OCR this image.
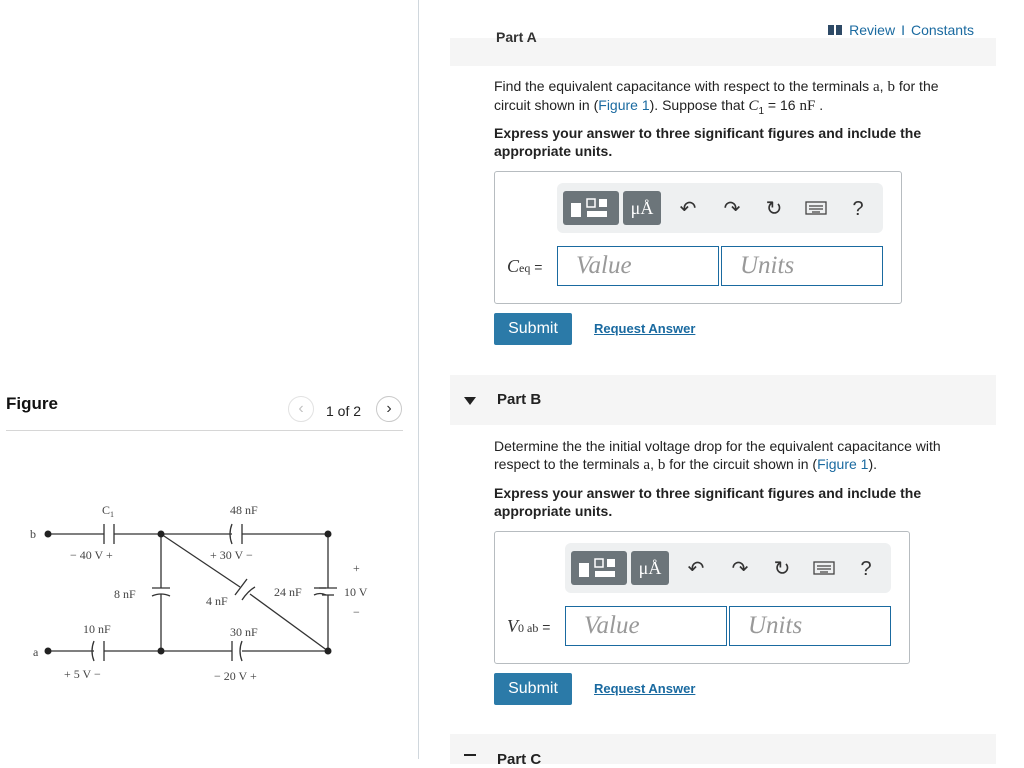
Figure	‹	1 of 2	›
b
a
$C_1$
− 40 V +
48 nF
+ 30 V −
8 nF	4 nF
24 nF
+
10 V
−
10 nF
+ 5 V −
30 nF
− 20 V +
Review I Constants
Part A
Find the equivalent capacitance with respect to the terminals a, b for the circuit shown in (Figure 1). Suppose that $C_1 = 16$ nF .
Express your answer to three significant figures and include the appropriate units.
μÅ	↶ ↷ ↻	?
Ceq =	Value	Units
Submit	Request Answer
Part B
Determine the the initial voltage drop for the equivalent capacitance with respect to the terminals a, b for the circuit shown in (Figure 1).
Express your answer to three significant figures and include the appropriate units.
μÅ	↶ ↷ ↻	?
V0 ab =	Value	Units
Submit	Request Answer
Part C
